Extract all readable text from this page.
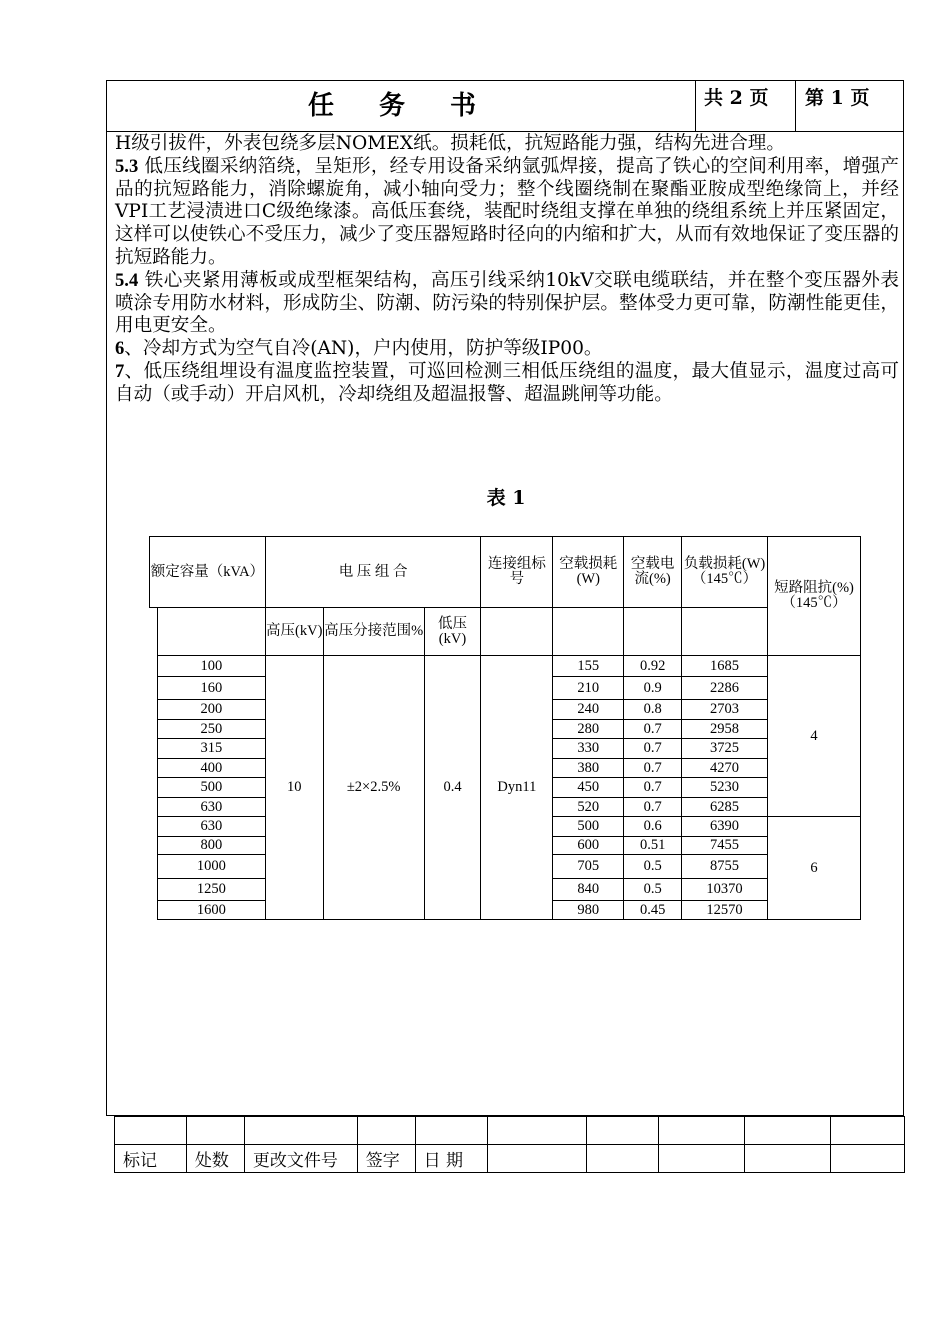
任 务 书	共 2 页	第 1 页

H级引拔件，外表包绕多层NOMEX纸。损耗低，抗短路能力强，结构先进合理。

5.3 低压线圈采纳箔绕，呈矩形，经专用设备采纳氩弧焊接，提高了铁心的空间利用率，增强产品的抗短路能力，消除螺旋角，减小轴向受力；整个线圈绕制在聚酯亚胺成型绝缘筒上，并经VPI工艺浸渍进口C级绝缘漆。高低压套绕，装配时绕组支撑在单独的绕组系统上并压紧固定，这样可以使铁心不受压力，减少了变压器短路时径向的内缩和扩大，从而有效地保证了变压器的抗短路能力。

5.4 铁心夹紧用薄板或成型框架结构，高压引线采纳10kV交联电缆联结，并在整个变压器外表喷涂专用防水材料，形成防尘、防潮、防污染的特别保护层。整体受力更可靠，防潮性能更佳，用电更安全。

6、冷却方式为空气自冷(AN)，户内使用，防护等级IP00。

7、低压绕组埋设有温度监控装置，可巡回检测三相低压绕组的温度，最大值显示，温度过高可自动（或手动）开启风机，冷却绕组及超温报警、超温跳闸等功能。

表 1
额定容量（kVA）		电 压 组 合			连接组标号	空载损耗(W)	空载电流(%)	负载损耗(W)（145℃）	短路阻抗(%)（145℃）
		高压(kV)	高压分接范围%	低压(kV)					
	100	10	±2×2.5%	0.4	Dyn11	155	0.92	1685	4
	160					210	0.9	2286	
	200					240	0.8	2703	
	250					280	0.7	2958	
	315					330	0.7	3725	
	400					380	0.7	4270	
	500					450	0.7	5230	
	630					520	0.7	6285	
	630					500	0.6	6390	6
	800					600	0.51	7455	
	1000					705	0.5	8755	
	1250					840	0.5	10370	
	1600					980	0.45	12570	

标记	处数	更改文件号	签字	日 期					
